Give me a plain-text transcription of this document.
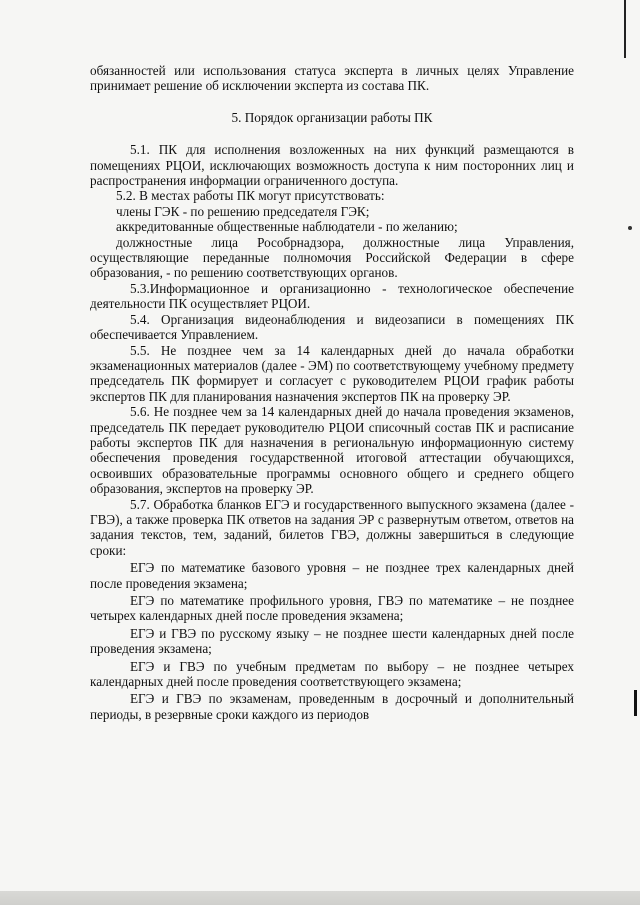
обязанностей или использования статуса эксперта в личных целях Управление принимает решение об исключении эксперта из состава ПК.

5. Порядок организации работы ПК

5.1. ПК для исполнения возложенных на них функций размещаются в помещениях РЦОИ, исключающих возможность доступа к ним посторонних лиц и распространения информации ограниченного доступа.

5.2. В местах работы ПК могут присутствовать:

члены ГЭК - по решению председателя ГЭК;

аккредитованные общественные наблюдатели - по желанию;

должностные лица Рособрнадзора, должностные лица Управления, осуществляющие переданные полномочия Российской Федерации в сфере образования, - по решению соответствующих органов.

5.3.Информационное и организационно - технологическое обеспечение деятельности ПК осуществляет РЦОИ.

5.4. Организация видеонаблюдения и видеозаписи в помещениях ПК обеспечивается Управлением.

5.5. Не позднее чем за 14 календарных дней до начала обработки экзаменационных материалов (далее - ЭМ) по соответствующему учебному предмету председатель ПК формирует и согласует с руководителем РЦОИ график работы экспертов ПК для планирования назначения экспертов ПК на проверку ЭР.

5.6. Не позднее чем за 14 календарных дней до начала проведения экзаменов, председатель ПК передает руководителю РЦОИ списочный состав ПК и расписание работы экспертов ПК для назначения в региональную информационную систему обеспечения проведения государственной итоговой аттестации обучающихся, освоивших образовательные программы основного общего и среднего общего образования, экспертов на проверку ЭР.

5.7. Обработка бланков ЕГЭ и государственного выпускного экзамена (далее - ГВЭ), а также проверка ПК ответов на задания ЭР с развернутым ответом, ответов на задания текстов, тем, заданий, билетов ГВЭ, должны завершиться в следующие сроки:

ЕГЭ по математике базового уровня – не позднее трех календарных дней после проведения экзамена;

ЕГЭ по математике профильного уровня, ГВЭ по математике – не позднее четырех календарных дней после проведения экзамена;

ЕГЭ и ГВЭ по русскому языку – не позднее шести календарных дней после проведения экзамена;

ЕГЭ и ГВЭ по учебным предметам по выбору – не позднее четырех календарных дней после проведения соответствующего экзамена;

ЕГЭ и ГВЭ по экзаменам, проведенным в досрочный и дополнительный периоды, в резервные сроки каждого из периодов
